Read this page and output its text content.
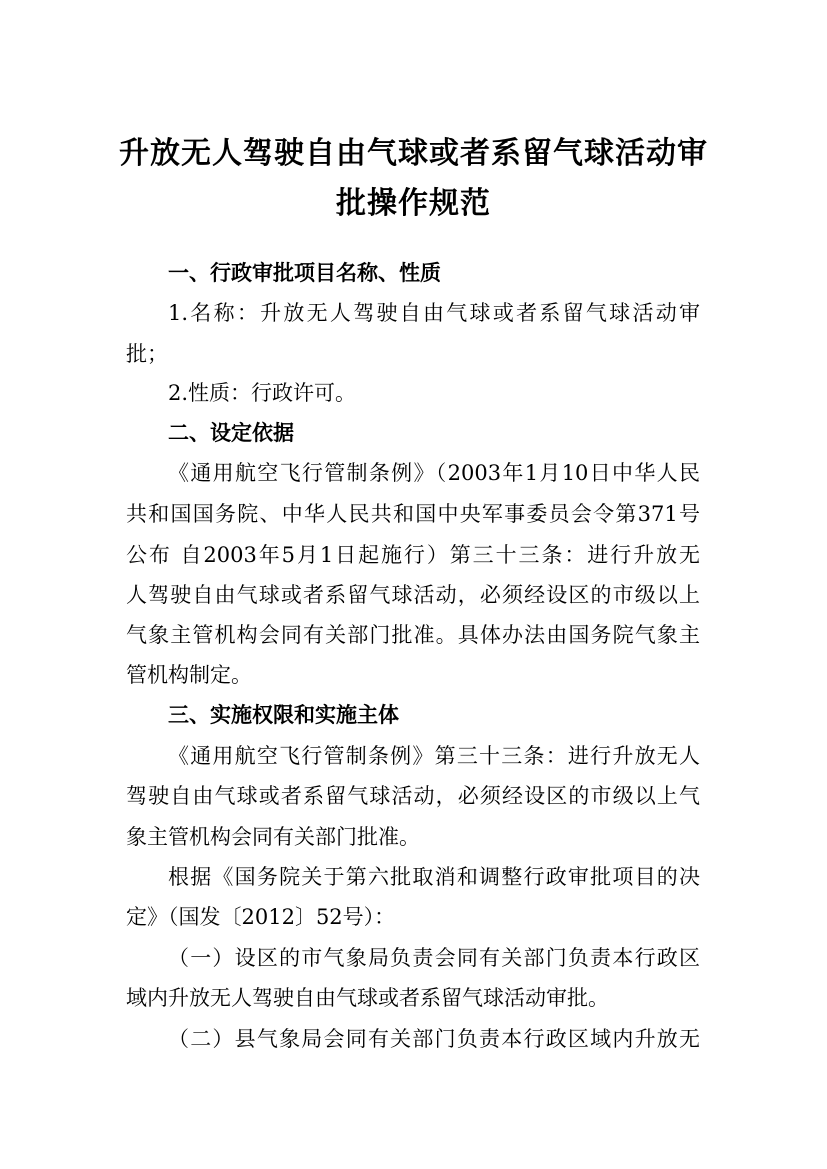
升放无人驾驶自由气球或者系留气球活动审
批操作规范
一、行政审批项目名称、性质
1.名称：升放无人驾驶自由气球或者系留气球活动审
批；
2.性质：行政许可。
二、设定依据
《通用航空飞行管制条例》（2003年1月10日中华人民
共和国国务院、中华人民共和国中央军事委员会令第371号
公布 自2003年5月1日起施行）第三十三条：进行升放无
人驾驶自由气球或者系留气球活动，必须经设区的市级以上
气象主管机构会同有关部门批准。具体办法由国务院气象主
管机构制定。
三、实施权限和实施主体
《通用航空飞行管制条例》第三十三条：进行升放无人
驾驶自由气球或者系留气球活动，必须经设区的市级以上气
象主管机构会同有关部门批准。
根据《国务院关于第六批取消和调整行政审批项目的决
定》（国发〔2012〕52号）：
（一）设区的市气象局负责会同有关部门负责本行政区
域内升放无人驾驶自由气球或者系留气球活动审批。
（二）县气象局会同有关部门负责本行政区域内升放无
